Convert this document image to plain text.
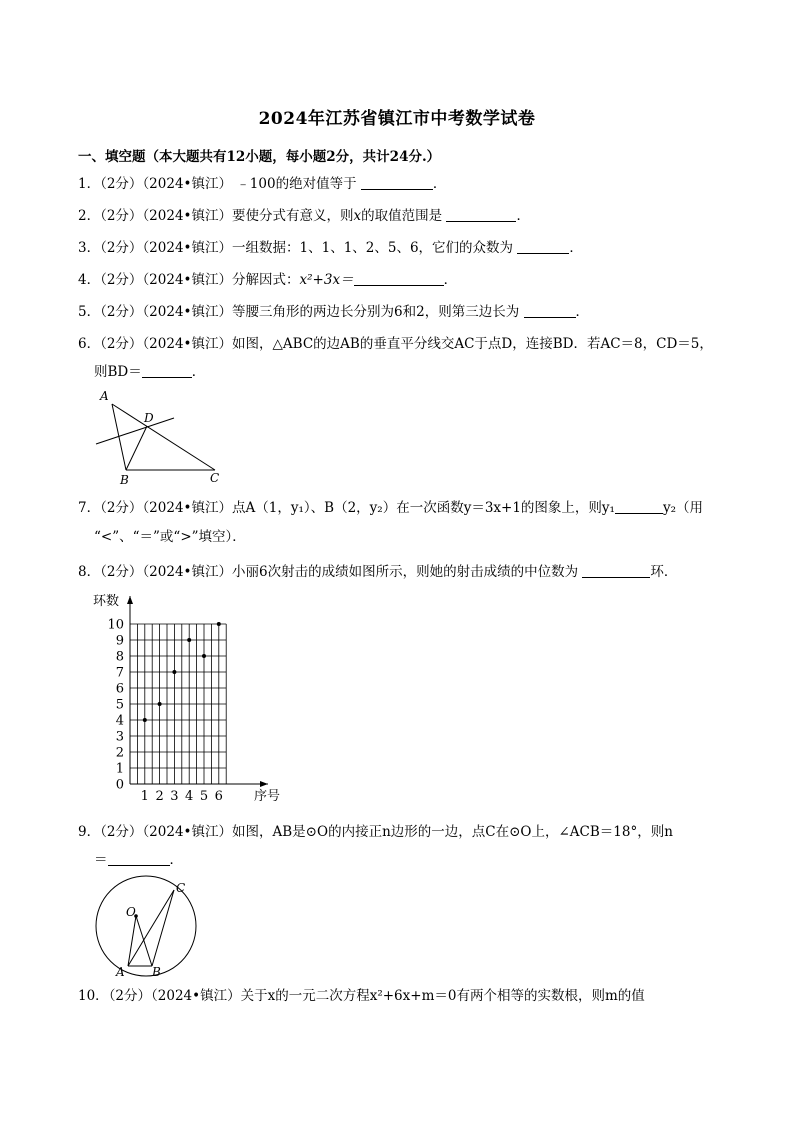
2024年江苏省镇江市中考数学试卷
一、填空题（本大题共有12小题，每小题2分，共计24分.）
1．（2分）（2024•镇江） ﹣100的绝对值等于	．
2．（2分）（2024•镇江）要使分式有意义，则x的取值范围是	．
3．（2分）（2024•镇江）一组数据：1、1、1、2、5、6，它们的众数为	．
4．（2分）（2024•镇江）分解因式：x²+3x＝	．
5．（2分）（2024•镇江）等腰三角形的两边长分别为6和2，则第三边长为	．
6．（2分）（2024•镇江）如图，△ABC的边AB的垂直平分线交AC于点D，连接BD．若AC＝8，CD＝5，
则BD＝	．
A
D
B	C
7．（2分）（2024•镇江）点A（1，y₁）、B（2，y₂）在一次函数y＝3x+1的图象上，则y₁	y₂（用
“<”、“＝”或“>”填空）．
8．（2分）（2024•镇江）小丽6次射击的成绩如图所示，则她的射击成绩的中位数为	环．
0
1
2
3
4
5
6
7
8
9
10
1 2 3 4 5 6
环数
序号
9．（2分）（2024•镇江）如图，AB是⊙O的内接正n边形的一边，点C在⊙O上，∠ACB＝18°，则n
＝	．
O
C
A B
10．（2分）（2024•镇江）关于x的一元二次方程x²+6x+m＝0有两个相等的实数根，则m的值
